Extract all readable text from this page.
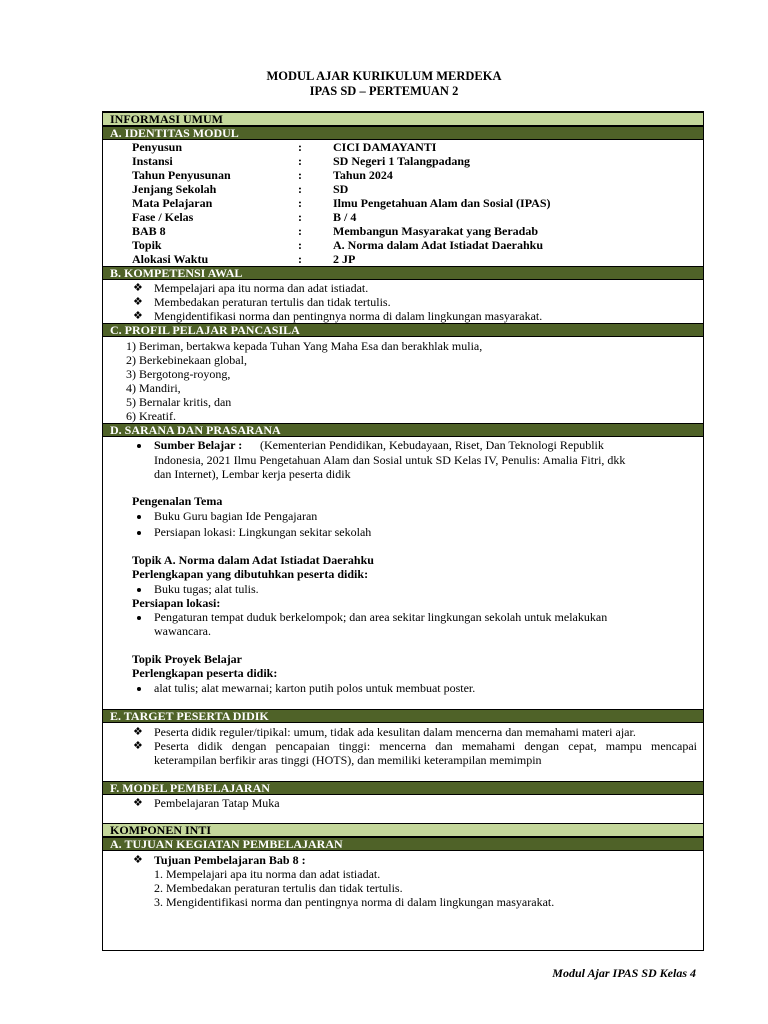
MODUL AJAR KURIKULUM MERDEKA
IPAS SD – PERTEMUAN 2
INFORMASI UMUM
A. IDENTITAS MODUL
Penyusun	:	CICI DAMAYANTI
Instansi	:	SD Negeri 1 Talangpadang
Tahun Penyusunan	:	Tahun 2024
Jenjang Sekolah	:	SD
Mata Pelajaran	:	Ilmu Pengetahuan Alam dan Sosial (IPAS)
Fase / Kelas	:	B / 4
BAB 8	:	Membangun Masyarakat yang Beradab
Topik	:	A. Norma dalam Adat Istiadat Daerahku
Alokasi Waktu	:	2 JP
B. KOMPETENSI AWAL
❖ Mempelajari apa itu norma dan adat istiadat.
❖ Membedakan peraturan tertulis dan tidak tertulis.
❖ Mengidentifikasi norma dan pentingnya norma di dalam lingkungan masyarakat.
C. PROFIL PELAJAR PANCASILA
1) Beriman, bertakwa kepada Tuhan Yang Maha Esa dan berakhlak mulia,
2) Berkebinekaan global,
3) Bergotong-royong,
4) Mandiri,
5) Bernalar kritis, dan
6) Kreatif.
D. SARANA DAN PRASARANA
Sumber Belajar : (Kementerian Pendidikan, Kebudayaan, Riset, Dan Teknologi Republik
Indonesia, 2021 Ilmu Pengetahuan Alam dan Sosial untuk SD Kelas IV, Penulis: Amalia Fitri, dkk
dan Internet), Lembar kerja peserta didik
Pengenalan Tema
Buku Guru bagian Ide Pengajaran
Persiapan lokasi: Lingkungan sekitar sekolah
Topik A. Norma dalam Adat Istiadat Daerahku
Perlengkapan yang dibutuhkan peserta didik:
Buku tugas; alat tulis.
Persiapan lokasi:
Pengaturan tempat duduk berkelompok; dan area sekitar lingkungan sekolah untuk melakukan
wawancara.
Topik Proyek Belajar
Perlengkapan peserta didik:
alat tulis; alat mewarnai; karton putih polos untuk membuat poster.
E. TARGET PESERTA DIDIK
❖ Peserta didik reguler/tipikal: umum, tidak ada kesulitan dalam mencerna dan memahami materi ajar.
❖ Peserta didik dengan pencapaian tinggi: mencerna dan memahami dengan cepat, mampu mencapai
keterampilan berfikir aras tinggi (HOTS), dan memiliki keterampilan memimpin
F. MODEL PEMBELAJARAN
❖ Pembelajaran Tatap Muka
KOMPONEN INTI
A. TUJUAN KEGIATAN PEMBELAJARAN
❖ Tujuan Pembelajaran Bab 8 :
1. Mempelajari apa itu norma dan adat istiadat.
2. Membedakan peraturan tertulis dan tidak tertulis.
3. Mengidentifikasi norma dan pentingnya norma di dalam lingkungan masyarakat.
Modul Ajar IPAS SD Kelas 4
